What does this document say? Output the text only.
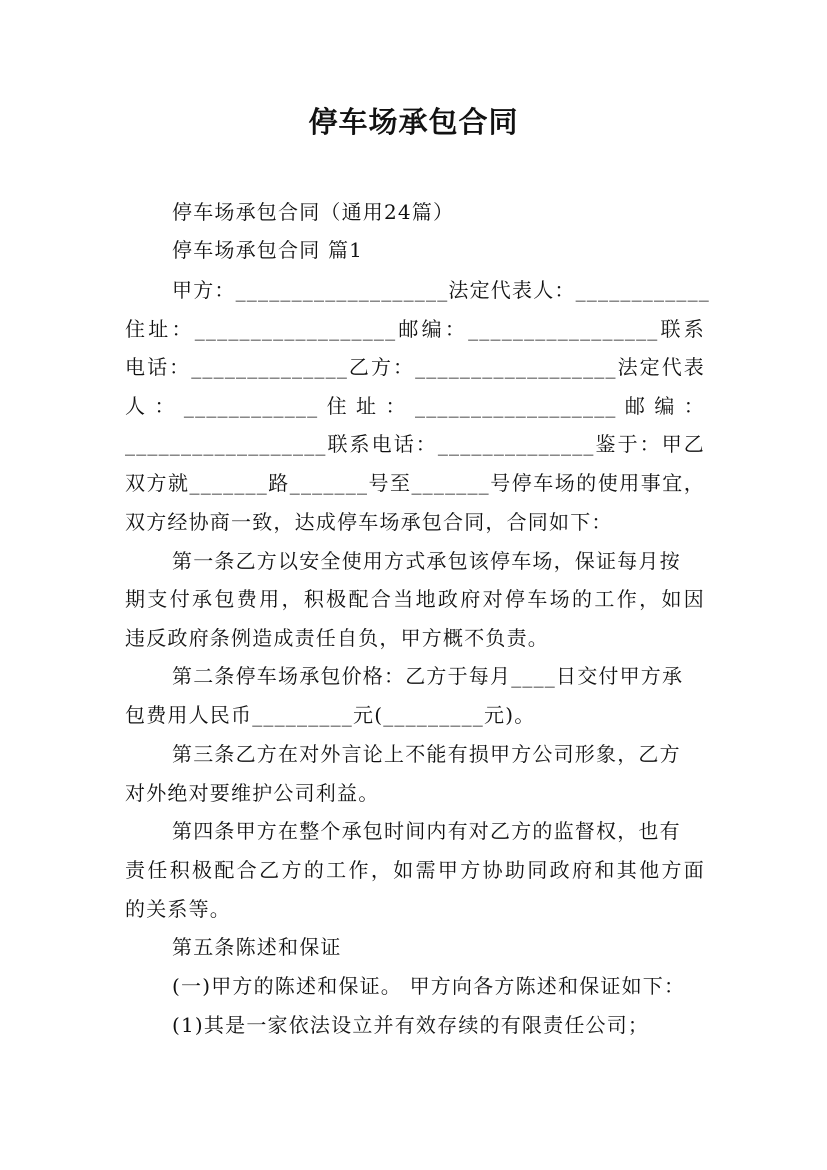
停车场承包合同
停车场承包合同（通用24篇）
停车场承包合同 篇1
甲方：___________________法定代表人：____________
住址：__________________邮编：_________________联系
电话：______________乙方：__________________法定代表
人：____________住址：__________________邮编：
__________________联系电话：______________鉴于：甲乙
双方就_______路_______号至_______号停车场的使用事宜，
双方经协商一致，达成停车场承包合同，合同如下：
第一条乙方以安全使用方式承包该停车场，保证每月按
期支付承包费用，积极配合当地政府对停车场的工作，如因
违反政府条例造成责任自负，甲方概不负责。
第二条停车场承包价格：乙方于每月____日交付甲方承
包费用人民币_________元(_________元)。
第三条乙方在对外言论上不能有损甲方公司形象，乙方
对外绝对要维护公司利益。
第四条甲方在整个承包时间内有对乙方的监督权，也有
责任积极配合乙方的工作，如需甲方协助同政府和其他方面
的关系等。
第五条陈述和保证
(一)甲方的陈述和保证。 甲方向各方陈述和保证如下：
(1)其是一家依法设立并有效存续的有限责任公司；
